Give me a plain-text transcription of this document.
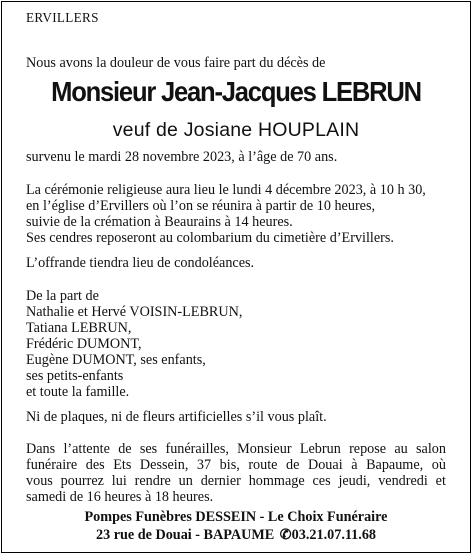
ERVILLERS
Nous avons la douleur de vous faire part du décès de
Monsieur Jean-Jacques LEBRUN
veuf de Josiane HOUPLAIN
survenu le mardi 28 novembre 2023, à l’âge de 70 ans.
La cérémonie religieuse aura lieu le lundi 4 décembre 2023, à 10 h 30,
en l’église d’Ervillers où l’on se réunira à partir de 10 heures,
suivie de la crémation à Beaurains à 14 heures.
Ses cendres reposeront au colombarium du cimetière d’Ervillers.
L’offrande tiendra lieu de condoléances.
De la part de
Nathalie et Hervé VOISIN-LEBRUN,
Tatiana LEBRUN,
Frédéric DUMONT,
Eugène DUMONT, ses enfants,
ses petits-enfants
et toute la famille.
Ni de plaques, ni de fleurs artificielles s’il vous plaît.
Dans l’attente de ses funérailles, Monsieur Lebrun repose au salon
funéraire des Ets Dessein, 37 bis, route de Douai à Bapaume, où
vous pourrez lui rendre un dernier hommage ces jeudi, vendredi et
samedi de 16 heures à 18 heures.
Pompes Funèbres DESSEIN - Le Choix Funéraire
23 rue de Douai - BAPAUME ✆03.21.07.11.68
